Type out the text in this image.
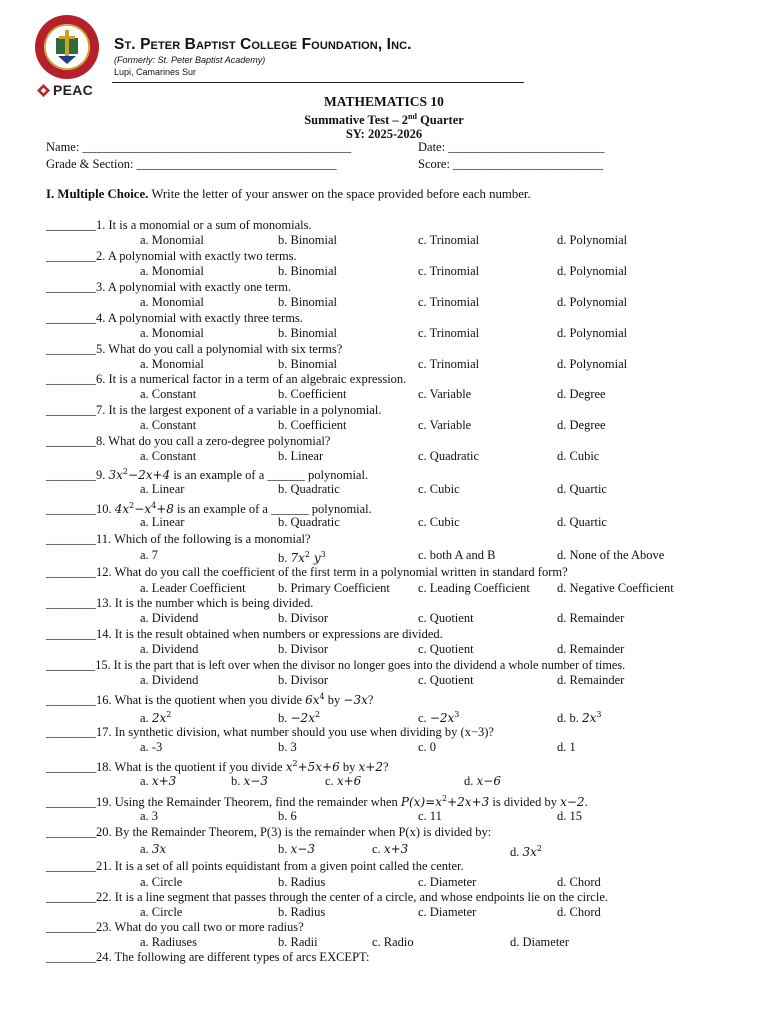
St. Peter Baptist College Foundation, Inc.
(Formerly: St. Peter Baptist Academy)
Lupi, Camarines Sur
PEAC
MATHEMATICS 10
Summative Test – 2nd Quarter
SY: 2025-2026
Name: ___________________________________________	Date: _________________________
Grade & Section: ________________________________	Score: ________________________
I. Multiple Choice. Write the letter of your answer on the space provided before each number.
________1. It is a monomial or a sum of monomials.
a. Monomial	b. Binomial	c. Trinomial	d. Polynomial
________2. A polynomial with exactly two terms.
a. Monomial	b. Binomial	c. Trinomial	d. Polynomial
________3. A polynomial with exactly one term.
a. Monomial	b. Binomial	c. Trinomial	d. Polynomial
________4. A polynomial with exactly three terms.
a. Monomial	b. Binomial	c. Trinomial	d. Polynomial
________5. What do you call a polynomial with six terms?
a. Monomial	b. Binomial	c. Trinomial	d. Polynomial
________6. It is a numerical factor in a term of an algebraic expression.
a. Constant	b. Coefficient	c. Variable	d. Degree
________7. It is the largest exponent of a variable in a polynomial.
a. Constant	b. Coefficient	c. Variable	d. Degree
________8. What do you call a zero-degree polynomial?
a. Constant	b. Linear	c. Quadratic	d. Cubic
________9. $3x^2-2x+4$ is an example of a ______ polynomial.
a. Linear	b. Quadratic	c. Cubic	d. Quartic
________10. $4x^2-x^4+8$ is an example of a ______ polynomial.
a. Linear	b. Quadratic	c. Cubic	d. Quartic
________11. Which of the following is a monomial?
a. 7	b. $7x^2$ $y^3$	c. both A and B	d. None of the Above
________12. What do you call the coefficient of the first term in a polynomial written in standard form?
a. Leader Coefficient	b. Primary Coefficient c. Leading Coefficient d. Negative Coefficient
________13. It is the number which is being divided.
a. Dividend	b. Divisor	c. Quotient	d. Remainder
________14. It is the result obtained when numbers or expressions are divided.
a. Dividend	b. Divisor	c. Quotient	d. Remainder
________15. It is the part that is left over when the divisor no longer goes into the dividend a whole number of times.
a. Dividend	b. Divisor	c. Quotient	d. Remainder
________16. What is the quotient when you divide $6x^4$ by −3x?
a. $2x^2$	b. $-2x^2$	c. $-2x^3$	d. b. $2x^3$
________17. In synthetic division, what number should you use when dividing by (x−3)?
a. -3	b. 3	c. 0	d. 1
________18. What is the quotient if you divide $x^2+5x+6$ by x+2?
a. x+3	b. x−3	c. x+6	d. x−6
________19. Using the Remainder Theorem, find the remainder when $P(x)=x^2+2x+3$ is divided by x−2.
a. 3	b. 6	c. 11	d. 15
________20. By the Remainder Theorem, P(3) is the remainder when P(x) is divided by:
a. 3x	b. x−3	c. x+3	d. $3x^2$
________21. It is a set of all points equidistant from a given point called the center.
a. Circle	b. Radius	c. Diameter	d. Chord
________22. It is a line segment that passes through the center of a circle, and whose endpoints lie on the circle.
a. Circle	b. Radius	c. Diameter	d. Chord
________23. What do you call two or more radius?
a. Radiuses	b. Radii	c. Radio	d. Diameter
________24. The following are different types of arcs EXCEPT:
